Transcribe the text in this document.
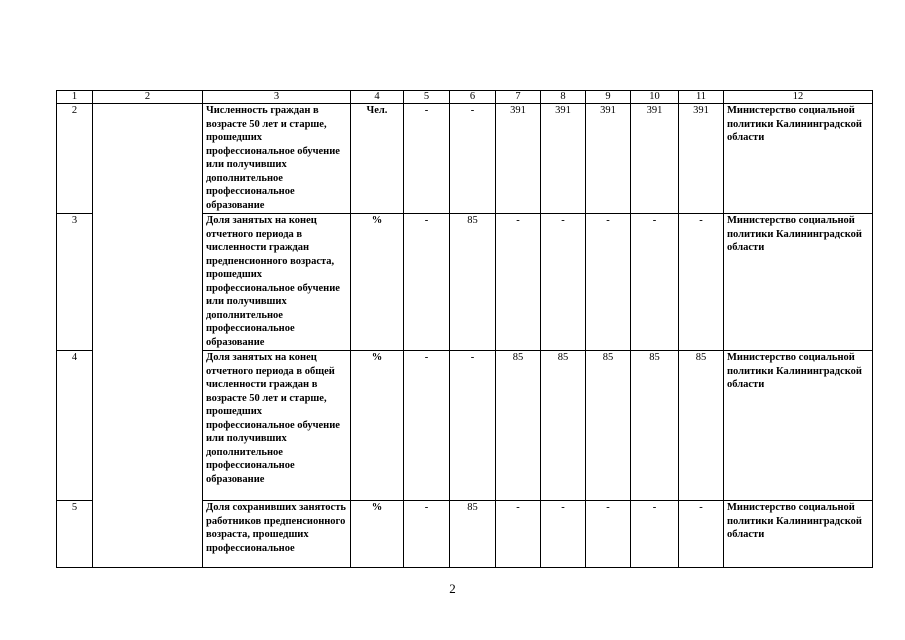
1	2	3	4	5	6	7	8	9	10	11	12
2		Численность граждан в возрасте 50 лет и старше, прошедших профессиональное обучение или получивших дополнительное профессиональное образование	Чел.	-	-	391	391	391	391	391	Министерство социальной политики Калининградской области
3		Доля занятых на конец отчетного периода в численности граждан предпенсионного возраста, прошедших профессиональное обучение или получивших дополнительное профессиональное образование	%	-	85	-	-	-	-	-	Министерство социальной политики Калининградской области
4		Доля занятых на конец отчетного периода в общей численности граждан в возрасте 50 лет и старше, прошедших профессиональное обучение или получивших дополнительное профессиональное образование	%	-	-	85	85	85	85	85	Министерство социальной политики Калининградской области
5		Доля сохранивших занятость работников предпенсионного возраста, прошедших профессиональное	%	-	85	-	-	-	-	-	Министерство социальной политики Калининградской области
2
